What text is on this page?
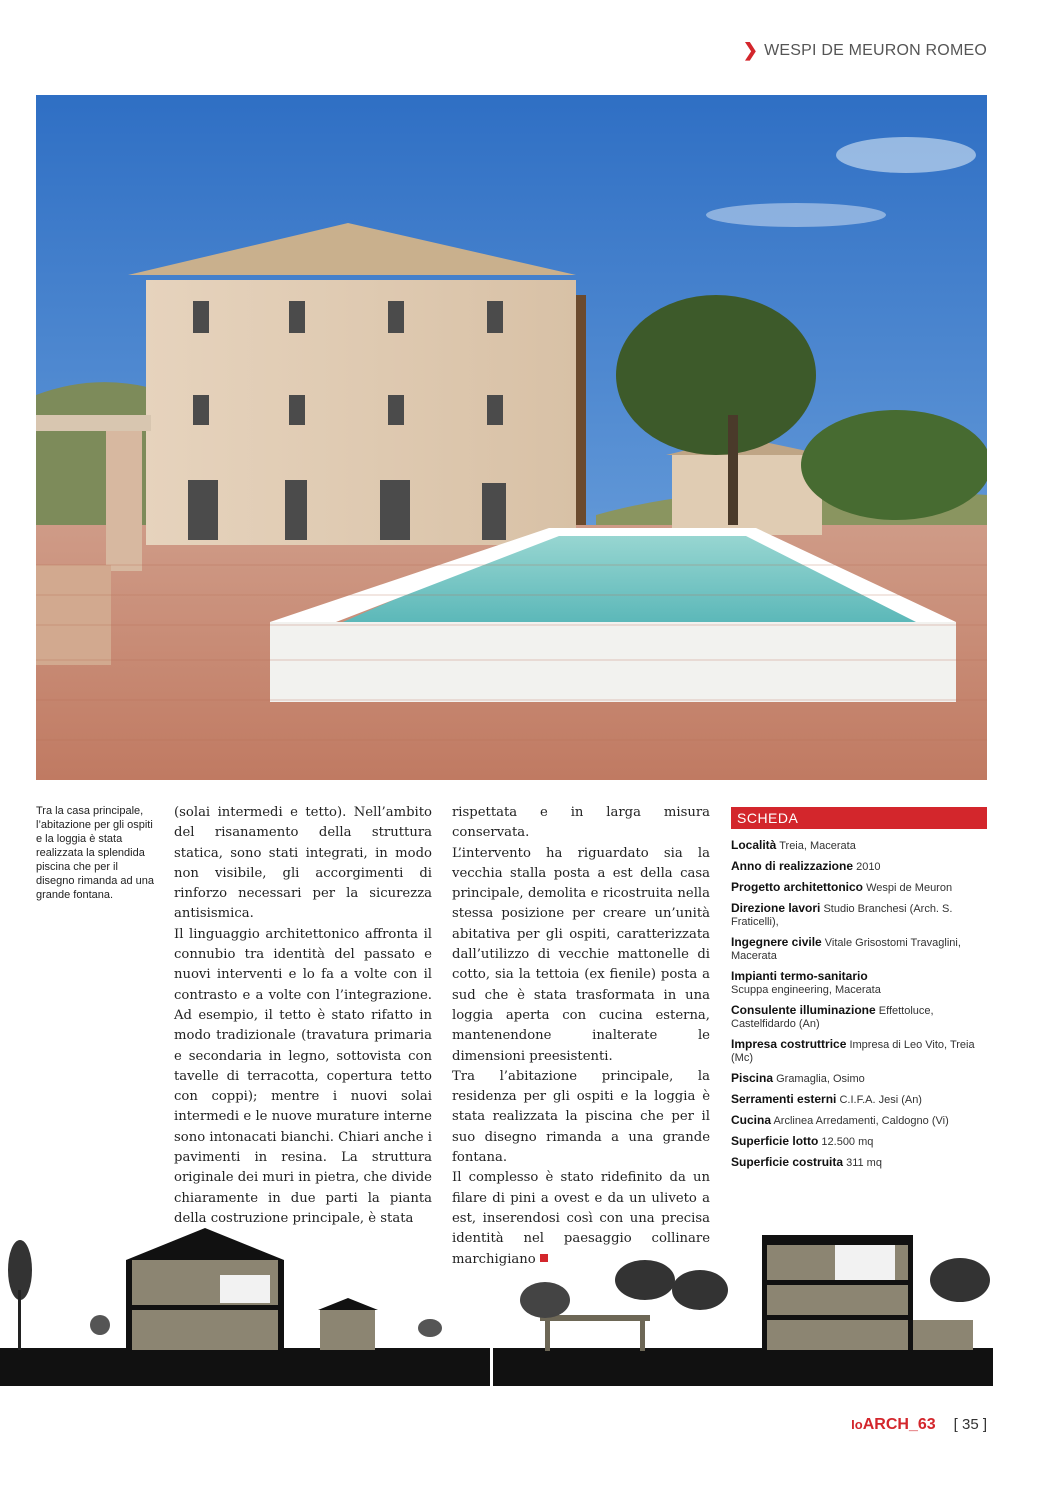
❯ WESPI DE MEURON ROMEO
Tra la casa principale, l’abitazione per gli ospiti e la loggia è stata realizzata la splendida piscina che per il disegno rimanda ad una grande fontana.

(solai intermedi e tetto). Nell’ambito del risanamento della struttura statica, sono stati integrati, in modo non visibile, gli accorgimenti di rinforzo necessari per la sicurezza antisismica.

Il linguaggio architettonico affronta il connubio tra identità del passato e nuovi interventi e lo fa a volte con il contrasto e a volte con l’integrazione. Ad esempio, il tetto è stato rifatto in modo tradizionale (travatura primaria e secondaria in legno, sottovista con tavelle di terracotta, copertura tetto con coppi); mentre i nuovi solai intermedi e le nuove murature interne sono intonacati bianchi. Chiari anche i pavimenti in resina. La struttura originale dei muri in pietra, che divide chiaramente in due parti la pianta della costruzione principale, è stata

rispettata e in larga misura conservata.

L’intervento ha riguardato sia la vecchia stalla posta a est della casa principale, demolita e ricostruita nella stessa posizione per creare un’unità abitativa per gli ospiti, caratterizzata dall’utilizzo di vecchie mattonelle di cotto, sia la tettoia (ex fienile) posta a sud che è stata trasformata in una loggia aperta con cucina esterna, mantenendone inalterate le dimensioni preesistenti.

Tra l’abitazione principale, la residenza per gli ospiti e la loggia è stata realizzata la piscina che per il suo disegno rimanda a una grande fontana.

Il complesso è stato ridefinito da un filare di pini a ovest e da un uliveto a est, inserendosi così con una precisa identità nel paesaggio collinare marchigiano

SCHEDA
Località Treia, Macerata
Anno di realizzazione 2010
Progetto architettonico Wespi de Meuron
Direzione lavori Studio Branchesi (Arch. S. Fraticelli),
Ingegnere civile Vitale Grisostomi Travaglini, Macerata
Impianti termo-sanitario
Scuppa engineering, Macerata
Consulente illuminazione Effettoluce, Castelfidardo (An)
Impresa costruttrice Impresa di Leo Vito, Treia (Mc)
Piscina Gramaglia, Osimo
Serramenti esterni C.I.F.A. Jesi (An)
Cucina Arclinea Arredamenti, Caldogno (Vi)
Superficie lotto 12.500 mq
Superficie costruita 311 mq
IoARCH_63 [ 35 ]
